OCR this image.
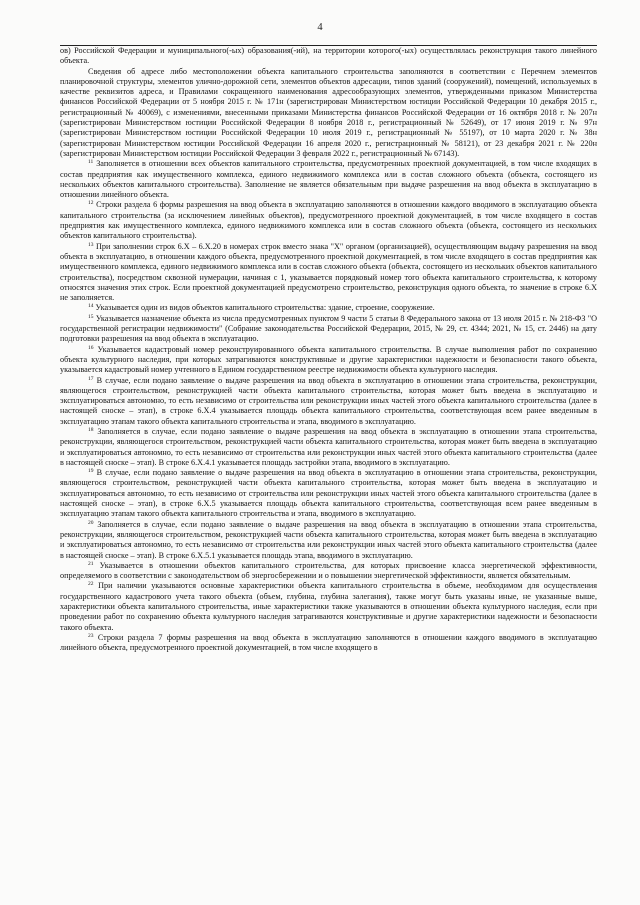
4

ов) Российской Федерации и муниципального(-ых) образования(-ий), на территории которого(-ых) осуществлялась реконструкция такого линейного объекта.

Сведения об адресе либо местоположении объекта капитального строительства заполняются в соответствии с Перечнем элементов планировочной структуры, элементов улично-дорожной сети, элементов объектов адресации, типов зданий (сооружений), помещений, используемых в качестве реквизитов адреса, и Правилами сокращенного наименования адресообразующих элементов, утвержденными приказом Министерства финансов Российской Федерации от 5 ноября 2015 г. № 171н (зарегистрирован Министерством юстиции Российской Федерации 10 декабря 2015 г., регистрационный № 40069), с изменениями, внесенными приказами Министерства финансов Российской Федерации от 16 октября 2018 г. № 207н (зарегистрирован Министерством юстиции Российской Федерации 8 ноября 2018 г., регистрационный № 52649), от 17 июня 2019 г. № 97н (зарегистрирован Министерством юстиции Российской Федерации 10 июля 2019 г., регистрационный № 55197), от 10 марта 2020 г. № 38н (зарегистрирован Министерством юстиции Российской Федерации 16 апреля 2020 г., регистрационный № 58121), от 23 декабря 2021 г. № 220н (зарегистрирован Министерством юстиции Российской Федерации 3 февраля 2022 г., регистрационный № 67143).

$^{11}$ Заполняется в отношении всех объектов капитального строительства, предусмотренных проектной документацией, в том числе входящих в состав предприятия как имущественного комплекса, единого недвижимого комплекса или в состав сложного объекта (объекта, состоящего из нескольких объектов капитального строительства). Заполнение не является обязательным при выдаче разрешения на ввод объекта в эксплуатацию в отношении линейного объекта.

$^{12}$ Строки раздела 6 формы разрешения на ввод объекта в эксплуатацию заполняются в отношении каждого вводимого в эксплуатацию объекта капитального строительства (за исключением линейных объектов), предусмотренного проектной документацией, в том числе входящего в состав предприятия как имущественного комплекса, единого недвижимого комплекса или в состав сложного объекта (объекта, состоящего из нескольких объектов капитального строительства).

$^{13}$ При заполнении строк 6.X – 6.X.20 в номерах строк вместо знака "X" органом (организацией), осуществляющим выдачу разрешения на ввод объекта в эксплуатацию, в отношении каждого объекта, предусмотренного проектной документацией, в том числе входящего в состав предприятия как имущественного комплекса, единого недвижимого комплекса или в состав сложного объекта (объекта, состоящего из нескольких объектов капитального строительства), посредством сквозной нумерации, начиная с 1, указывается порядковый номер того объекта капитального строительства, к которому относятся значения этих строк. Если проектной документацией предусмотрено строительство, реконструкция одного объекта, то значение в строке 6.X не заполняется.

$^{14}$ Указывается один из видов объектов капитального строительства: здание, строение, сооружение.

$^{15}$ Указывается назначение объекта из числа предусмотренных пунктом 9 части 5 статьи 8 Федерального закона от 13 июля 2015 г. № 218-ФЗ "О государственной регистрации недвижимости" (Собрание законодательства Российской Федерации, 2015, № 29, ст. 4344; 2021, № 15, ст. 2446) на дату подготовки разрешения на ввод объекта в эксплуатацию.

$^{16}$ Указывается кадастровый номер реконструированного объекта капитального строительства. В случае выполнения работ по сохранению объекта культурного наследия, при которых затрагиваются конструктивные и другие характеристики надежности и безопасности такого объекта, указывается кадастровый номер учтенного в Едином государственном реестре недвижимости объекта культурного наследия.

$^{17}$ В случае, если подано заявление о выдаче разрешения на ввод объекта в эксплуатацию в отношении этапа строительства, реконструкции, являющегося строительством, реконструкцией части объекта капитального строительства, которая может быть введена в эксплуатацию и эксплуатироваться автономно, то есть независимо от строительства или реконструкции иных частей этого объекта капитального строительства (далее в настоящей сноске – этап), в строке 6.X.4 указывается площадь объекта капитального строительства, соответствующая всем ранее введенным в эксплуатацию этапам такого объекта капитального строительства и этапа, вводимого в эксплуатацию.

$^{18}$ Заполняется в случае, если подано заявление о выдаче разрешения на ввод объекта в эксплуатацию в отношении этапа строительства, реконструкции, являющегося строительством, реконструкцией части объекта капитального строительства, которая может быть введена в эксплуатацию и эксплуатироваться автономно, то есть независимо от строительства или реконструкции иных частей этого объекта капитального строительства (далее в настоящей сноске – этап). В строке 6.X.4.1 указывается площадь застройки этапа, вводимого в эксплуатацию.

$^{19}$ В случае, если подано заявление о выдаче разрешения на ввод объекта в эксплуатацию в отношении этапа строительства, реконструкции, являющегося строительством, реконструкцией части объекта капитального строительства, которая может быть введена в эксплуатацию и эксплуатироваться автономно, то есть независимо от строительства или реконструкции иных частей этого объекта капитального строительства (далее в настоящей сноске – этап), в строке 6.X.5 указывается площадь объекта капитального строительства, соответствующая всем ранее введенным в эксплуатацию этапам такого объекта капитального строительства и этапа, вводимого в эксплуатацию.

$^{20}$ Заполняется в случае, если подано заявление о выдаче разрешения на ввод объекта в эксплуатацию в отношении этапа строительства, реконструкции, являющегося строительством, реконструкцией части объекта капитального строительства, которая может быть введена в эксплуатацию и эксплуатироваться автономно, то есть независимо от строительства или реконструкции иных частей этого объекта капитального строительства (далее в настоящей сноске – этап). В строке 6.X.5.1 указывается площадь этапа, вводимого в эксплуатацию.

$^{21}$ Указывается в отношении объектов капитального строительства, для которых присвоение класса энергетической эффективности, определяемого в соответствии с законодательством об энергосбережении и о повышении энергетической эффективности, является обязательным.

$^{22}$ При наличии указываются основные характеристики объекта капитального строительства в объеме, необходимом для осуществления государственного кадастрового учета такого объекта (объем, глубина, глубина залегания), также могут быть указаны иные, не указанные выше, характеристики объекта капитального строительства, иные характеристики также указываются в отношении объекта культурного наследия, если при проведении работ по сохранению объекта культурного наследия затрагиваются конструктивные и другие характеристики надежности и безопасности такого объекта.

$^{23}$ Строки раздела 7 формы разрешения на ввод объекта в эксплуатацию заполняются в отношении каждого вводимого в эксплуатацию линейного объекта, предусмотренного проектной документацией, в том числе входящего в
